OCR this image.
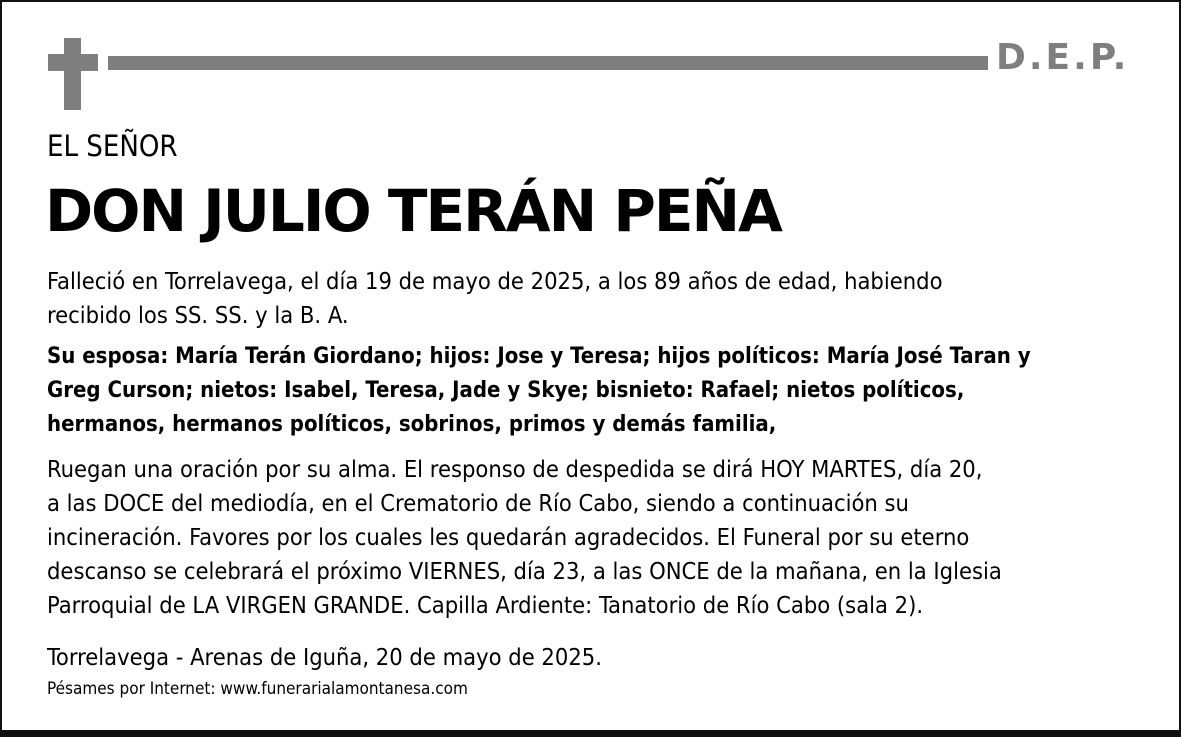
D.E.P.
EL SEÑOR
DON JULIO TERÁN PEÑA
Falleció en Torrelavega, el día 19 de mayo de 2025, a los 89 años de edad, habiendo
recibido los SS. SS. y la B. A.
Su esposa: María Terán Giordano; hijos: Jose y Teresa; hijos políticos: María José Taran y
Greg Curson; nietos: Isabel, Teresa, Jade y Skye; bisnieto: Rafael; nietos políticos,
hermanos, hermanos políticos, sobrinos, primos y demás familia,
Ruegan una oración por su alma. El responso de despedida se dirá HOY MARTES, día 20,
a las DOCE del mediodía, en el Crematorio de Río Cabo, siendo a continuación su
incineración. Favores por los cuales les quedarán agradecidos. El Funeral por su eterno
descanso se celebrará el próximo VIERNES, día 23, a las ONCE de la mañana, en la Iglesia
Parroquial de LA VIRGEN GRANDE. Capilla Ardiente: Tanatorio de Río Cabo (sala 2).
Torrelavega - Arenas de Iguña, 20 de mayo de 2025.
Pésames por Internet: www.funerarialamontanesa.com
